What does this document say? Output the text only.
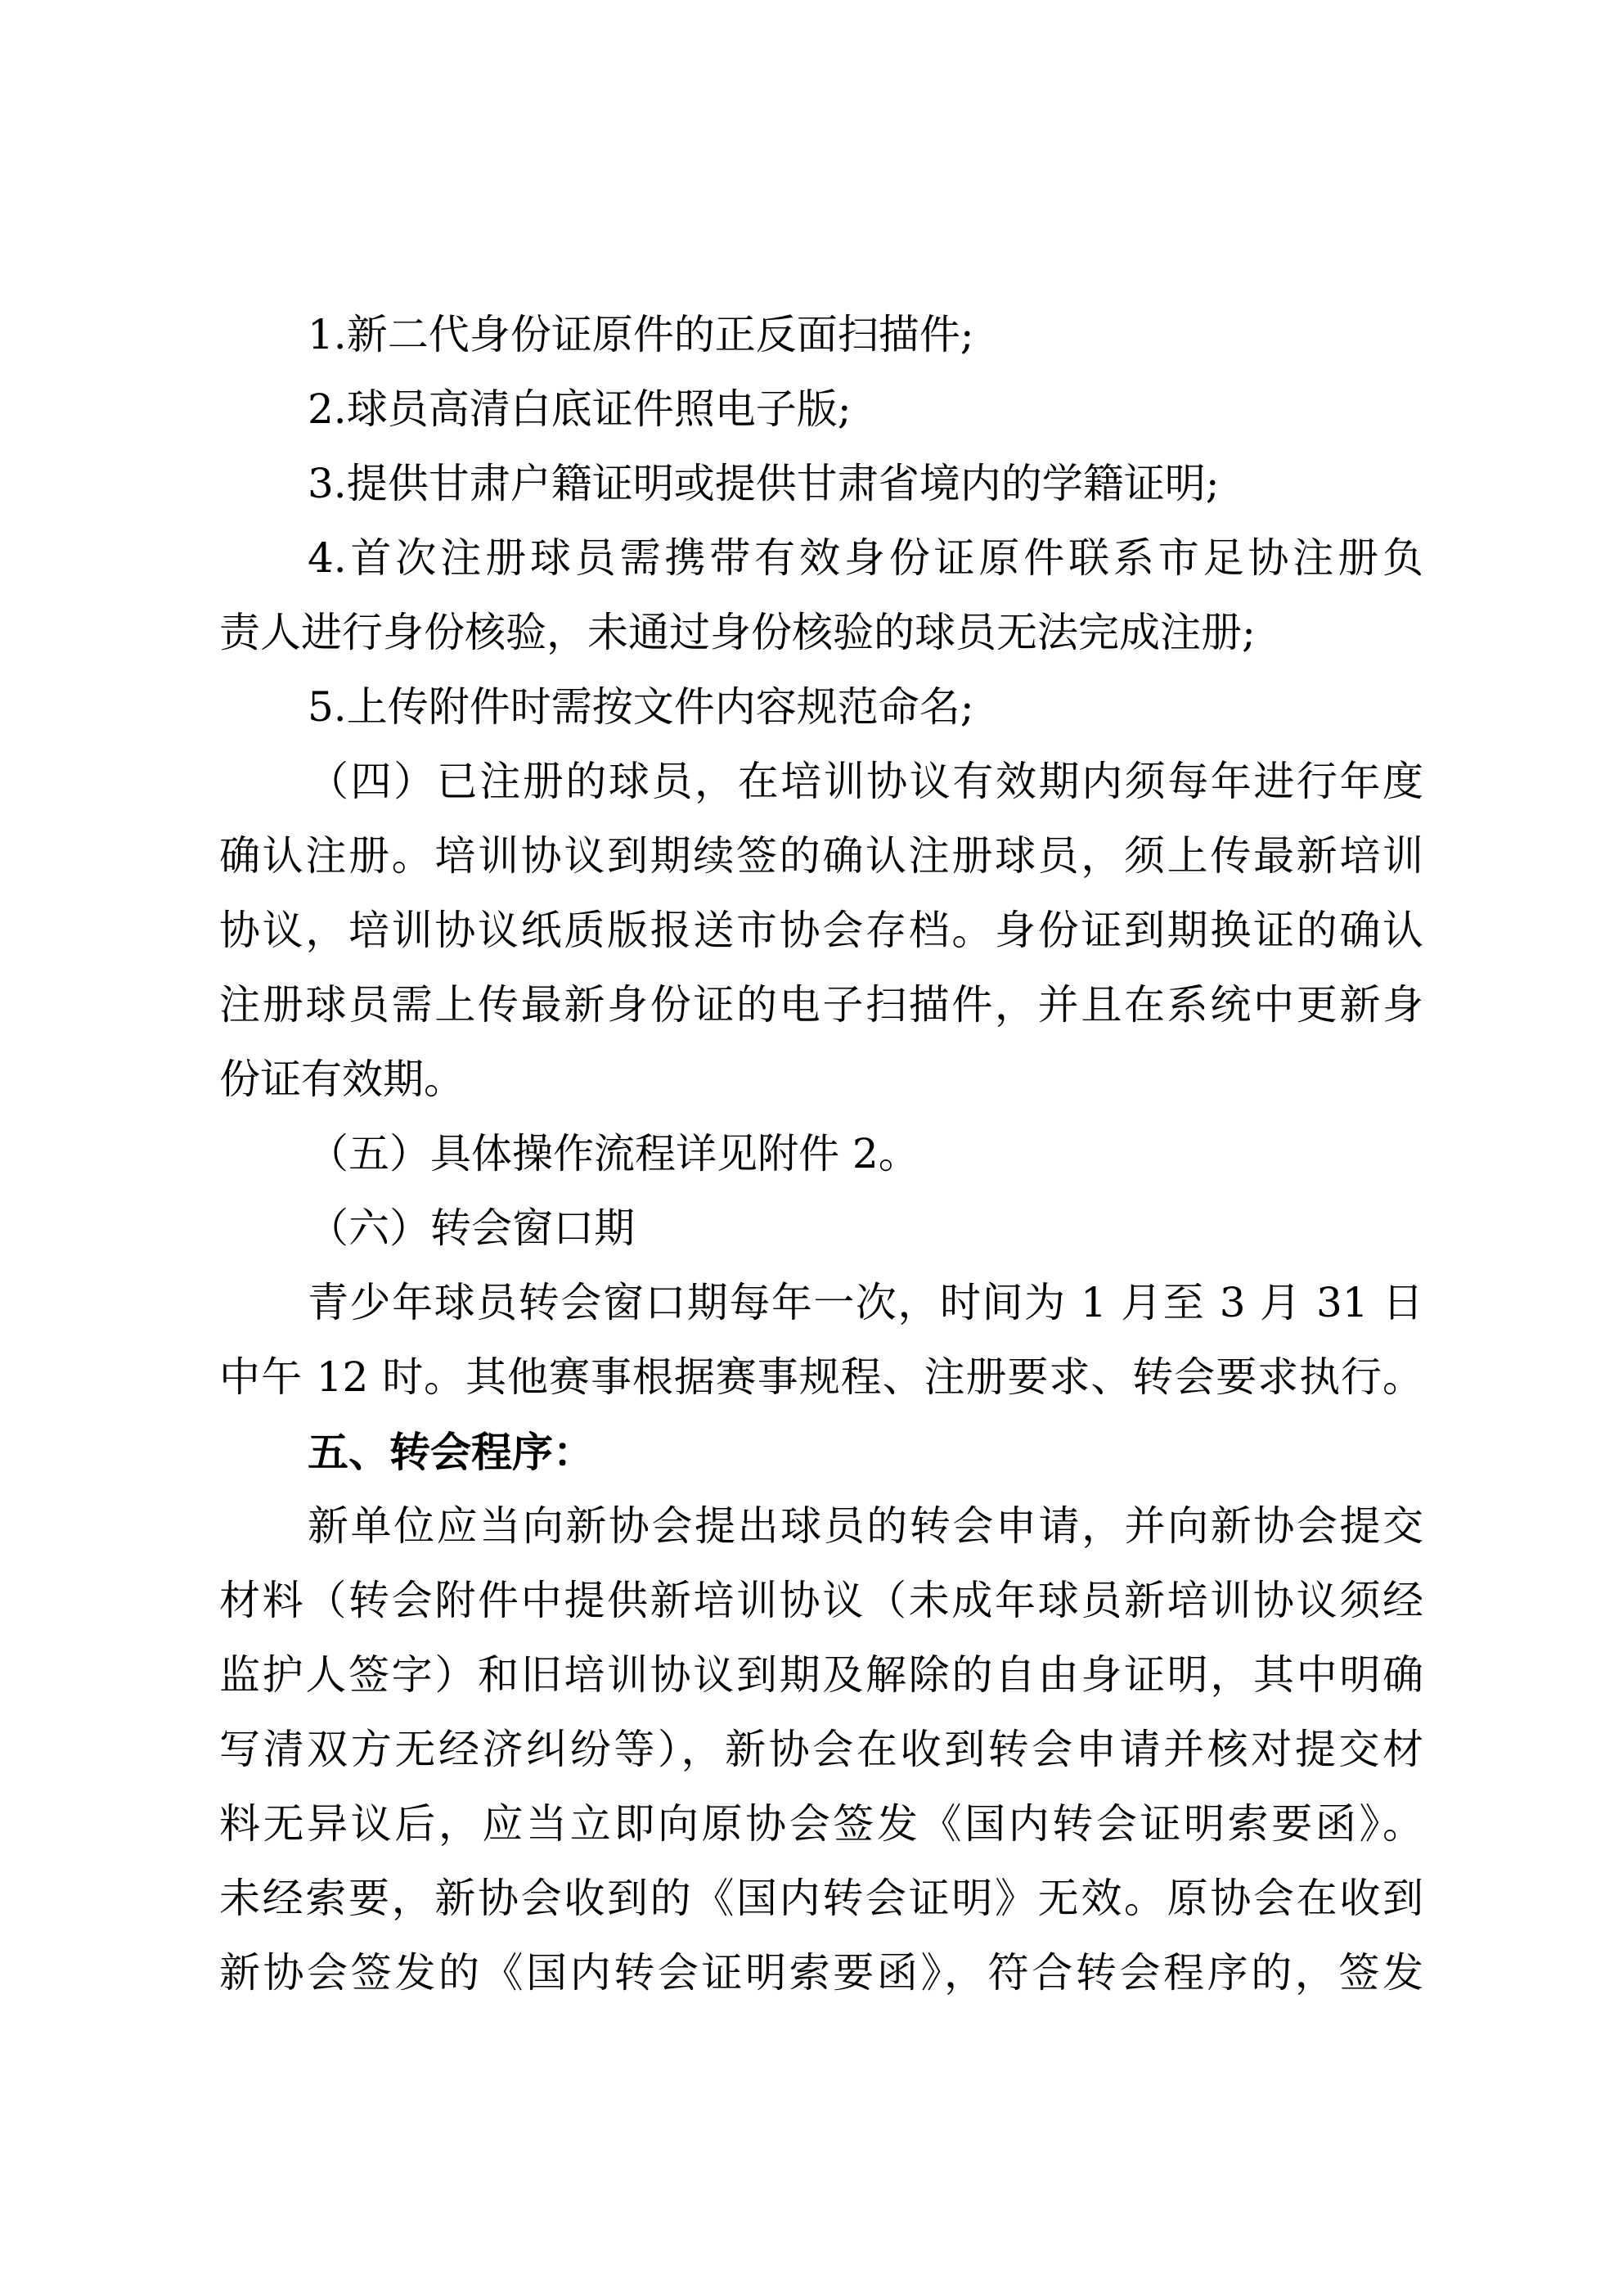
1.新二代身份证原件的正反面扫描件;
2.球员高清白底证件照电子版;
3.提供甘肃户籍证明或提供甘肃省境内的学籍证明;
4.首次注册球员需携带有效身份证原件联系市足协注册负
责人进行身份核验，未通过身份核验的球员无法完成注册;
5.上传附件时需按文件内容规范命名;
（四）已注册的球员，在培训协议有效期内须每年进行年度
确认注册。培训协议到期续签的确认注册球员，须上传最新培训
协议，培训协议纸质版报送市协会存档。身份证到期换证的确认
注册球员需上传最新身份证的电子扫描件，并且在系统中更新身
份证有效期。
（五）具体操作流程详见附件 2。
（六）转会窗口期
青少年球员转会窗口期每年一次，时间为 1 月至 3 月 31 日
中午 12 时。其他赛事根据赛事规程、注册要求、转会要求执行。
五、转会程序：
新单位应当向新协会提出球员的转会申请，并向新协会提交
材料（转会附件中提供新培训协议（未成年球员新培训协议须经
监护人签字）和旧培训协议到期及解除的自由身证明，其中明确
写清双方无经济纠纷等），新协会在收到转会申请并核对提交材
料无异议后，应当立即向原协会签发《国内转会证明索要函》。
未经索要，新协会收到的《国内转会证明》无效。原协会在收到
新协会签发的《国内转会证明索要函》，符合转会程序的，签发
